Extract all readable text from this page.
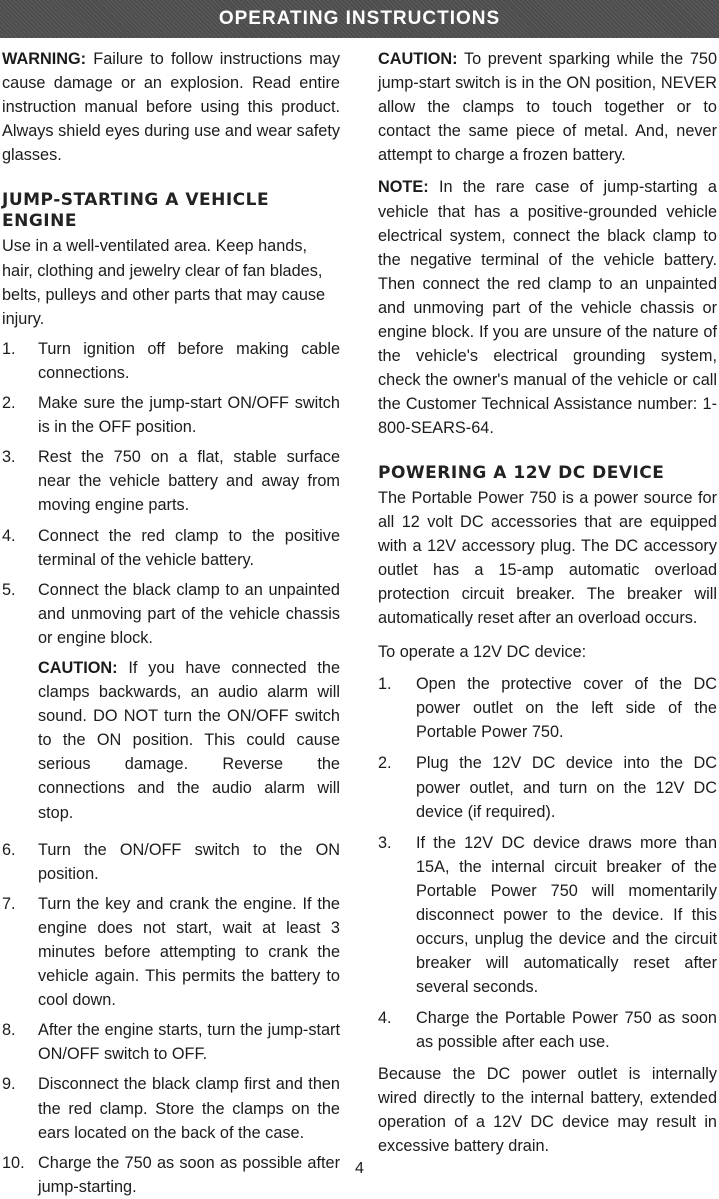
OPERATING INSTRUCTIONS

WARNING: Failure to follow instructions may cause damage or an explosion. Read entire instruction manual before using this product. Always shield eyes during use and wear safety glasses.

JUMP-STARTING A VEHICLE ENGINE

Use in a well-ventilated area. Keep hands, hair, clothing and jewelry clear of fan blades, belts, pulleys and other parts that may cause injury.

1. Turn ignition off before making cable connections.
2. Make sure the jump-start ON/OFF switch is in the OFF position.
3. Rest the 750 on a flat, stable surface near the vehicle battery and away from moving engine parts.
4. Connect the red clamp to the positive terminal of the vehicle battery.
5. Connect the black clamp to an unpainted and unmoving part of the vehicle chassis or engine block.

CAUTION: If you have connected the clamps backwards, an audio alarm will sound. DO NOT turn the ON/OFF switch to the ON position. This could cause serious damage. Reverse the connections and the audio alarm will stop.

6. Turn the ON/OFF switch to the ON position.
7. Turn the key and crank the engine. If the engine does not start, wait at least 3 minutes before attempting to crank the vehicle again. This permits the battery to cool down.
8. After the engine starts, turn the jump-start ON/OFF switch to OFF.
9. Disconnect the black clamp first and then the red clamp. Store the clamps on the ears located on the back of the case.
10. Charge the 750 as soon as possible after jump-starting.

CAUTION: To prevent sparking while the 750 jump-start switch is in the ON position, NEVER allow the clamps to touch together or to contact the same piece of metal. And, never attempt to charge a frozen battery.

NOTE: In the rare case of jump-starting a vehicle that has a positive-grounded vehicle electrical system, connect the black clamp to the negative terminal of the vehicle battery. Then connect the red clamp to an unpainted and unmoving part of the vehicle chassis or engine block. If you are unsure of the nature of the vehicle's electrical grounding system, check the owner's manual of the vehicle or call the Customer Technical Assistance number: 1-800-SEARS-64.

POWERING A 12V DC DEVICE

The Portable Power 750 is a power source for all 12 volt DC accessories that are equipped with a 12V accessory plug. The DC accessory outlet has a 15-amp automatic overload protection circuit breaker. The breaker will automatically reset after an overload occurs.

To operate a 12V DC device:

1. Open the protective cover of the DC power outlet on the left side of the Portable Power 750.
2. Plug the 12V DC device into the DC power outlet, and turn on the 12V DC device (if required).
3. If the 12V DC device draws more than 15A, the internal circuit breaker of the Portable Power 750 will momentarily disconnect power to the device. If this occurs, unplug the device and the circuit breaker will automatically reset after several seconds.
4. Charge the Portable Power 750 as soon as possible after each use.

Because the DC power outlet is internally wired directly to the internal battery, extended operation of a 12V DC device may result in excessive battery drain.

4
